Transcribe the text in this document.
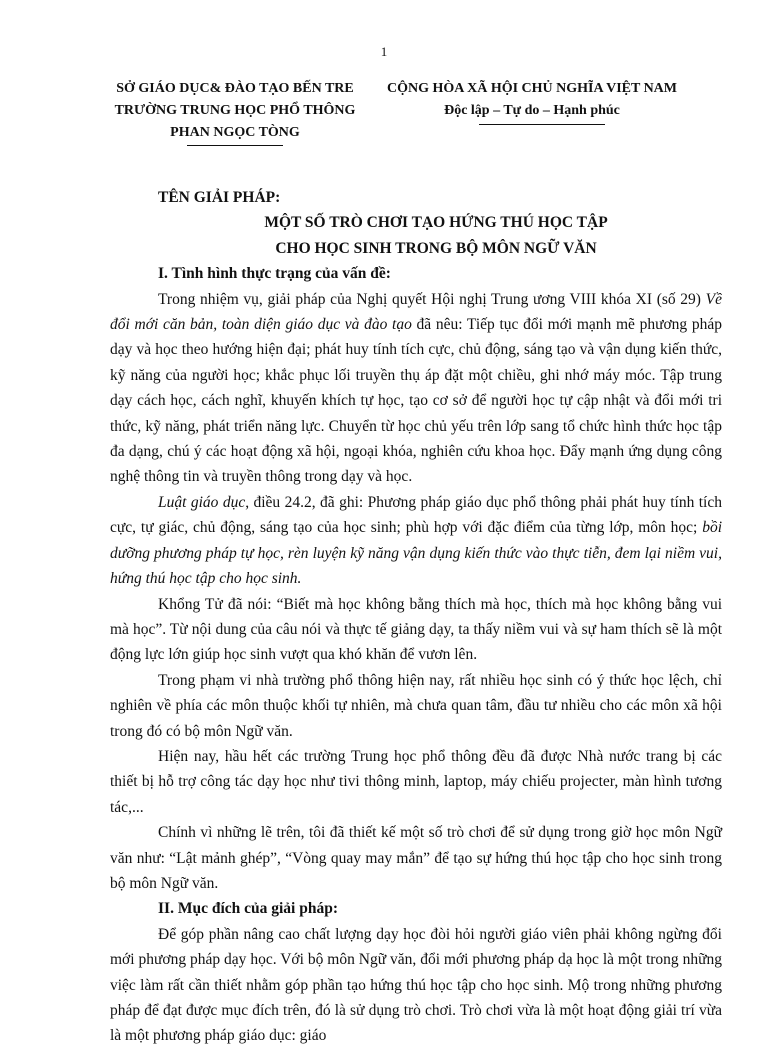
1
SỞ GIÁO DỤC& ĐÀO TẠO BẾN TRE
TRƯỜNG TRUNG HỌC PHỔ THÔNG
PHAN NGỌC TÒNG
CỘNG HÒA XÃ HỘI CHỦ NGHĨA VIỆT NAM
Độc lập – Tự do – Hạnh phúc

TÊN GIẢI PHÁP:

MỘT SỐ TRÒ CHƠI TẠO HỨNG THÚ HỌC TẬP

CHO HỌC SINH TRONG BỘ MÔN NGỮ VĂN

I. Tình hình thực trạng của vấn đề:

Trong nhiệm vụ, giải pháp của Nghị quyết Hội nghị Trung ương VIII khóa XI (số 29) Về đổi mới căn bản, toàn diện giáo dục và đào tạo đã nêu: Tiếp tục đổi mới mạnh mẽ phương pháp dạy và học theo hướng hiện đại; phát huy tính tích cực, chủ động, sáng tạo và vận dụng kiến thức, kỹ năng của người học; khắc phục lối truyền thụ áp đặt một chiều, ghi nhớ máy móc. Tập trung dạy cách học, cách nghĩ, khuyến khích tự học, tạo cơ sở để người học tự cập nhật và đổi mới tri thức, kỹ năng, phát triển năng lực. Chuyển từ học chủ yếu trên lớp sang tổ chức hình thức học tập đa dạng, chú ý các hoạt động xã hội, ngoại khóa, nghiên cứu khoa học. Đẩy mạnh ứng dụng công nghệ thông tin và truyền thông trong dạy và học.

Luật giáo dục, điều 24.2, đã ghi: Phương pháp giáo dục phổ thông phải phát huy tính tích cực, tự giác, chủ động, sáng tạo của học sinh; phù hợp với đặc điểm của từng lớp, môn học; bồi dưỡng phương pháp tự học, rèn luyện kỹ năng vận dụng kiến thức vào thực tiễn, đem lại niềm vui, hứng thú học tập cho học sinh.

Khổng Tử đã nói: “Biết mà học không bằng thích mà học, thích mà học không bằng vui mà học”. Từ nội dung của câu nói và thực tế giảng dạy, ta thấy niềm vui và sự ham thích sẽ là một động lực lớn giúp học sinh vượt qua khó khăn để vươn lên.

Trong phạm vi nhà trường phổ thông hiện nay, rất nhiều học sinh có ý thức học lệch, chỉ nghiên về phía các môn thuộc khối tự nhiên, mà chưa quan tâm, đầu tư nhiều cho các môn xã hội trong đó có bộ môn Ngữ văn.

Hiện nay, hầu hết các trường Trung học phổ thông đều đã được Nhà nước trang bị các thiết bị hỗ trợ công tác dạy học như tivi thông minh, laptop, máy chiếu projecter, màn hình tương tác,...

Chính vì những lẽ trên, tôi đã thiết kế một số trò chơi để sử dụng trong giờ học môn Ngữ văn như: “Lật mảnh ghép”, “Vòng quay may mắn” để tạo sự hứng thú học tập cho học sinh trong bộ môn Ngữ văn.

II. Mục đích của giải pháp:

Để góp phần nâng cao chất lượng dạy học đòi hỏi người giáo viên phải không ngừng đổi mới phương pháp dạy học. Với bộ môn Ngữ văn, đổi mới phương pháp dạ học là một trong những việc làm rất cần thiết nhằm góp phần tạo hứng thú học tập cho học sinh. Mộ trong những phương pháp để đạt được mục đích trên, đó là sử dụng trò chơi. Trò chơi vừa là một hoạt động giải trí vừa là một phương pháp giáo dục: giáo
